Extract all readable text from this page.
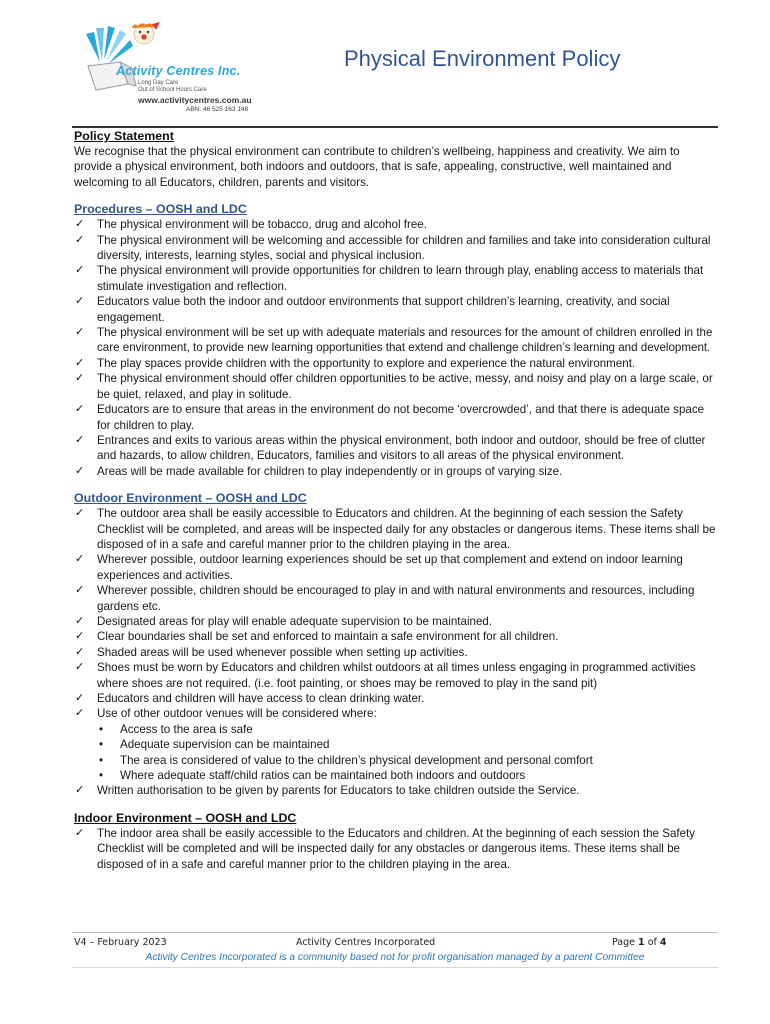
Activity Centres Inc.
Long Day Care
Out of School Hours Care
www.activitycentres.com.au
ABN: 46 525 163 148
Physical Environment Policy
Policy Statement

We recognise that the physical environment can contribute to children’s wellbeing, happiness and creativity. We aim to provide a physical environment, both indoors and outdoors, that is safe, appealing, constructive, well maintained and welcoming to all Educators, children, parents and visitors.

Procedures – OOSH and LDC
✓ The physical environment will be tobacco, drug and alcohol free.
✓ The physical environment will be welcoming and accessible for children and families and take into consideration cultural diversity, interests, learning styles, social and physical inclusion.
✓ The physical environment will provide opportunities for children to learn through play, enabling access to materials that stimulate investigation and reflection.
✓ Educators value both the indoor and outdoor environments that support children’s learning, creativity, and social engagement.
✓ The physical environment will be set up with adequate materials and resources for the amount of children enrolled in the care environment, to provide new learning opportunities that extend and challenge children’s learning and development.
✓ The play spaces provide children with the opportunity to explore and experience the natural environment.
✓ The physical environment should offer children opportunities to be active, messy, and noisy and play on a large scale, or be quiet, relaxed, and play in solitude.
✓ Educators are to ensure that areas in the environment do not become ‘overcrowded’, and that there is adequate space for children to play.
✓ Entrances and exits to various areas within the physical environment, both indoor and outdoor, should be free of clutter and hazards, to allow children, Educators, families and visitors to all areas of the physical environment.
✓ Areas will be made available for children to play independently or in groups of varying size.
Outdoor Environment – OOSH and LDC
✓ The outdoor area shall be easily accessible to Educators and children. At the beginning of each session the Safety Checklist will be completed, and areas will be inspected daily for any obstacles or dangerous items. These items shall be disposed of in a safe and careful manner prior to the children playing in the area.
✓ Wherever possible, outdoor learning experiences should be set up that complement and extend on indoor learning experiences and activities.
✓ Wherever possible, children should be encouraged to play in and with natural environments and resources, including gardens etc.
✓ Designated areas for play will enable adequate supervision to be maintained.
✓ Clear boundaries shall be set and enforced to maintain a safe environment for all children.
✓ Shaded areas will be used whenever possible when setting up activities.
✓ Shoes must be worn by Educators and children whilst outdoors at all times unless engaging in programmed activities where shoes are not required. (i.e. foot painting, or shoes may be removed to play in the sand pit)
✓ Educators and children will have access to clean drinking water.
✓ Use of other outdoor venues will be considered where:
• Access to the area is safe
• Adequate supervision can be maintained
• The area is considered of value to the children’s physical development and personal comfort
• Where adequate staff/child ratios can be maintained both indoors and outdoors
✓ Written authorisation to be given by parents for Educators to take children outside the Service.
Indoor Environment – OOSH and LDC
✓ The indoor area shall be easily accessible to the Educators and children. At the beginning of each session the Safety Checklist will be completed and will be inspected daily for any obstacles or dangerous items. These items shall be disposed of in a safe and careful manner prior to the children playing in the area.
V4 – February 2023	Activity Centres Incorporated	Page 1 of 4
Activity Centres Incorporated is a community based not for profit organisation managed by a parent Committee
